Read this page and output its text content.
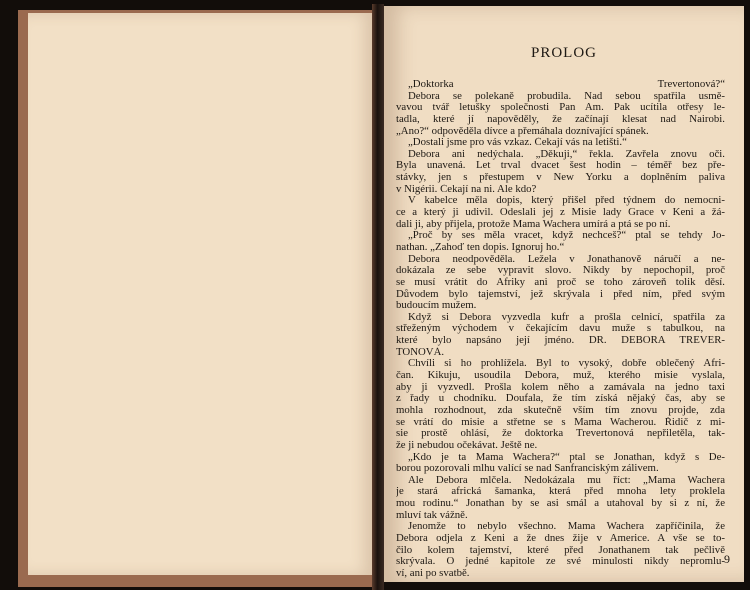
PROLOG
„Doktorka Trevertonová?“
Debora se polekaně probudila. Nad sebou spatřila usmě-
vavou tvář letušky společnosti Pan Am. Pak ucítila otřesy le-
tadla, které jí napověděly, že začínají klesat nad Nairobi.
„Ano?“ odpověděla dívce a přemáhala doznívající spánek.
„Dostali jsme pro vás vzkaz. Čekají vás na letišti.“
Debora ani nedýchala. „Děkuji,“ řekla. Zavřela znovu oči.
Byla unavená. Let trval dvacet šest hodin – téměř bez pře-
stávky, jen s přestupem v New Yorku a doplněním paliva
v Nigérii. Čekají na ni. Ale kdo?
V kabelce měla dopis, který přišel před týdnem do nemocni-
ce a který ji udivil. Odeslali jej z Misie lady Grace v Keni a žá-
dali ji, aby přijela, protože Mama Wachera umírá a ptá se po ní.
„Proč by ses měla vracet, když nechceš?“ ptal se tehdy Jo-
nathan. „Zahoď ten dopis. Ignoruj ho.“
Debora neodpověděla. Ležela v Jonathanově náručí a ne-
dokázala ze sebe vypravit slovo. Nikdy by nepochopil, proč
se musí vrátit do Afriky ani proč se toho zároveň tolik děsí.
Důvodem bylo tajemství, jež skrývala i před ním, před svým
budoucím mužem.
Když si Debora vyzvedla kufr a prošla celnicí, spatřila za
střeženým východem v čekajícím davu muže s tabulkou, na
které bylo napsáno její jméno. DR. DEBORA TREVER-
TONOVÁ.
Chvíli si ho prohlížela. Byl to vysoký, dobře oblečený Afri-
čan. Kikuju, usoudila Debora, muž, kterého misie vyslala,
aby ji vyzvedl. Prošla kolem něho a zamávala na jedno taxi
z řady u chodníku. Doufala, že tím získá nějaký čas, aby se
mohla rozhodnout, zda skutečně vším tím znovu projde, zda
se vrátí do misie a střetne se s Mama Wacherou. Řidič z mi-
sie prostě ohlásí, že doktorka Trevertonová nepřiletěla, tak-
že ji nebudou očekávat. Ještě ne.
„Kdo je ta Mama Wachera?“ ptal se Jonathan, když s De-
borou pozorovali mlhu valící se nad Sanfranciským zálivem.
Ale Debora mlčela. Nedokázala mu říct: „Mama Wachera
je stará africká šamanka, která před mnoha lety proklela
mou rodinu.“ Jonathan by se asi smál a utahoval by si z ní, že
mluví tak vážně.
Jenomže to nebylo všechno. Mama Wachera zapříčinila, že
Debora odjela z Keni a že dnes žije v Americe. A vše se to-
čilo kolem tajemství, které před Jonathanem tak pečlivě
skrývala. O jedné kapitole ze své minulosti nikdy nepromlu-
ví, ani po svatbě.
9
